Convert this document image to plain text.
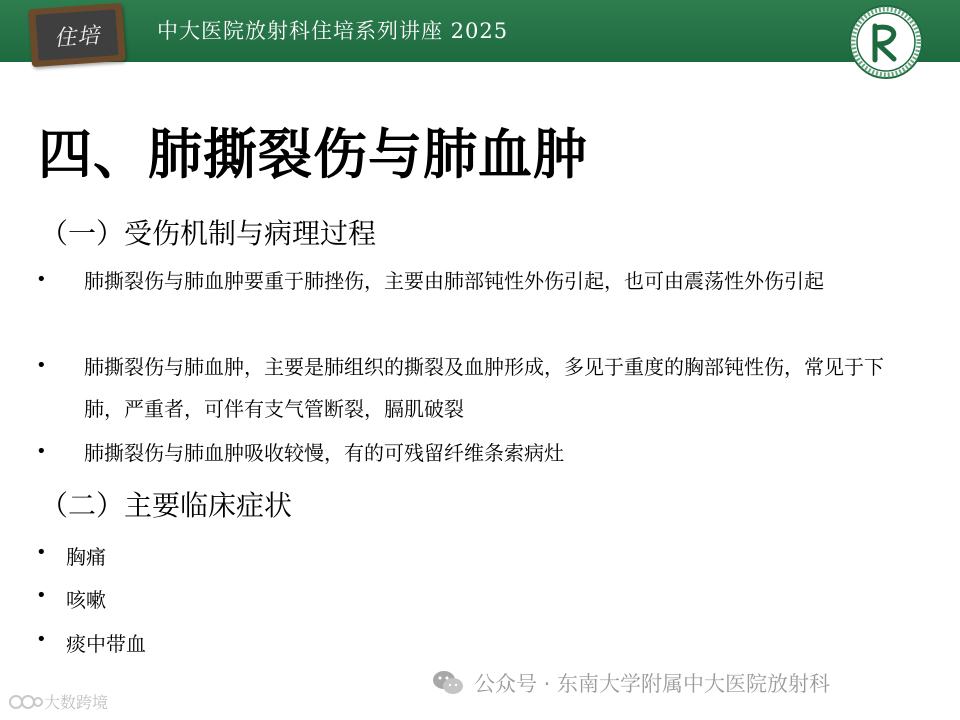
住培	中大医院放射科住培系列讲座 2025
四、肺撕裂伤与肺血肿
（一）受伤机制与病理过程
• 肺撕裂伤与肺血肿要重于肺挫伤，主要由肺部钝性外伤引起，也可由震荡性外伤引起
• 肺撕裂伤与肺血肿，主要是肺组织的撕裂及血肿形成，多见于重度的胸部钝性伤，常见于下肺，严重者，可伴有支气管断裂，膈肌破裂
• 肺撕裂伤与肺血肿吸收较慢，有的可残留纤维条索病灶
（二）主要临床症状
• 胸痛
• 咳嗽
• 痰中带血
公众号 · 东南大学附属中大医院放射科
大数跨境
